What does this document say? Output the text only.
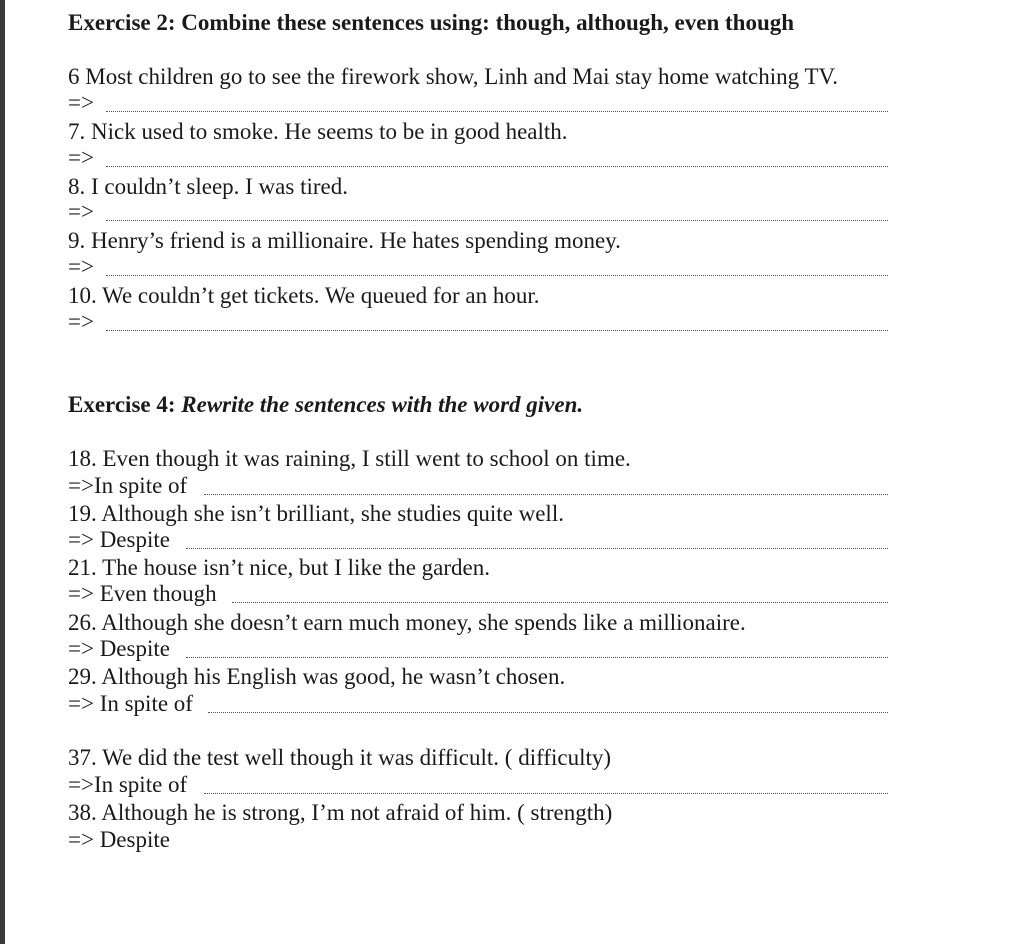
Exercise 2: Combine these sentences using: though, although, even though
6 Most children go to see the firework show, Linh and Mai stay home watching TV.
=>
7. Nick used to smoke. He seems to be in good health.
=>
8. I couldn’t sleep. I was tired.
=>
9. Henry’s friend is a millionaire. He hates spending money.
=>
10. We couldn’t get tickets. We queued for an hour.
=>
Exercise 4: Rewrite the sentences with the word given.
18. Even though it was raining, I still went to school on time.
=>In spite of
19. Although she isn’t brilliant, she studies quite well.
=> Despite
21. The house isn’t nice, but I like the garden.
=> Even though
26. Although she doesn’t earn much money, she spends like a millionaire.
=> Despite
29. Although his English was good, he wasn’t chosen.
=> In spite of
37. We did the test well though it was difficult. ( difficulty)
=>In spite of
38. Although he is strong, I’m not afraid of him. ( strength)
=> Despite
